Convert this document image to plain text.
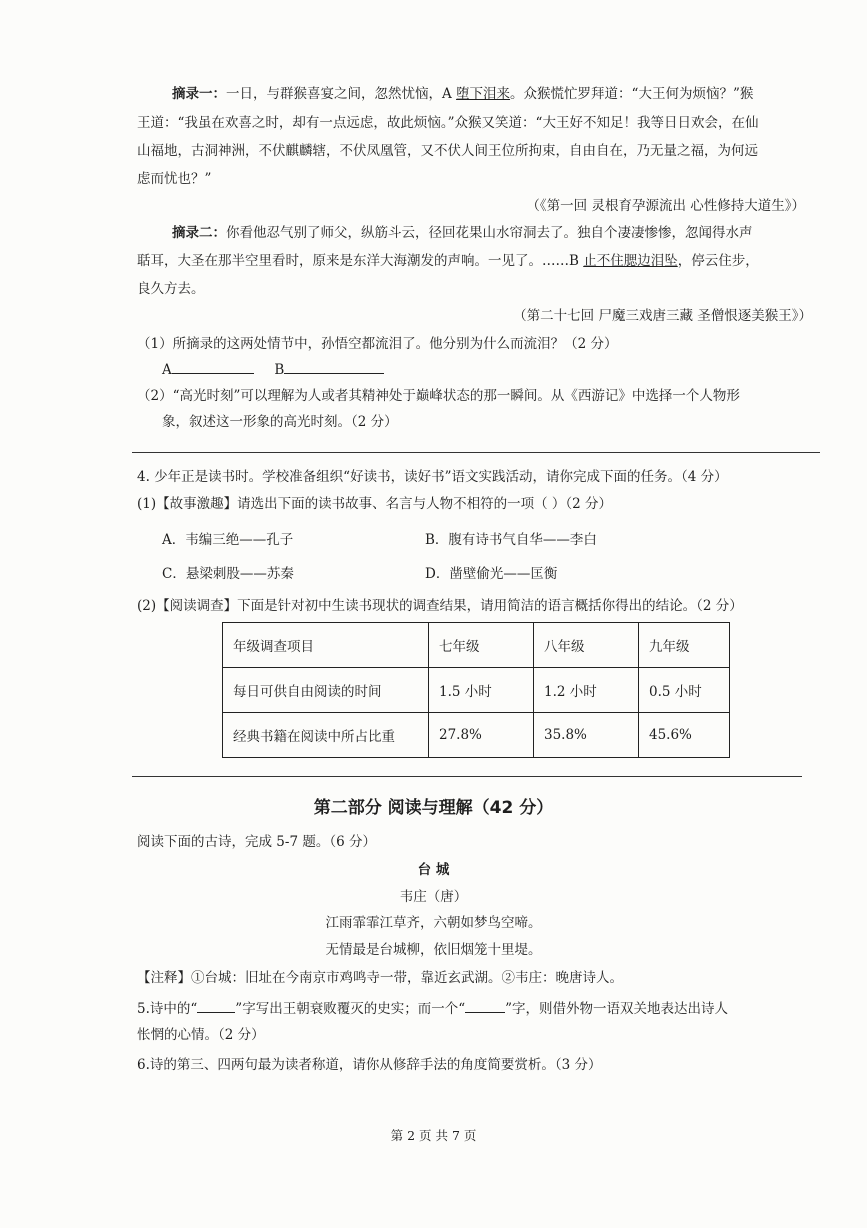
摘录一：一日，与群猴喜宴之间，忽然忧恼，A 堕下泪来。众猴慌忙罗拜道：“大王何为烦恼？”猴
王道：“我虽在欢喜之时，却有一点远虑，故此烦恼。”众猴又笑道：“大王好不知足！我等日日欢会，在仙
山福地，古洞神洲，不伏麒麟辖，不伏凤凰管，又不伏人间王位所拘束，自由自在，乃无量之福，为何远
虑而忧也？”
（《第一回 灵根育孕源流出 心性修持大道生》）
摘录二：你看他忍气别了师父，纵筋斗云，径回花果山水帘洞去了。独自个凄凄惨惨，忽闻得水声
聒耳，大圣在那半空里看时，原来是东洋大海潮发的声响。一见了。……B 止不住腮边泪坠，停云住步，
良久方去。
（第二十七回 尸魔三戏唐三藏 圣僧恨逐美猴王》）
（1）所摘录的这两处情节中，孙悟空都流泪了。他分别为什么而流泪？（2 分）
A	B
（2）“高光时刻”可以理解为人或者其精神处于巅峰状态的那一瞬间。从《西游记》中选择一个人物形
象，叙述这一形象的高光时刻。（2 分）
4. 少年正是读书时。学校准备组织“好读书，读好书”语文实践活动，请你完成下面的任务。（4 分）
(1)【故事激趣】请选出下面的读书故事、名言与人物不相符的一项（ ）（2 分）
A．韦编三绝——孔子	B．腹有诗书气自华——李白
C．悬梁刺股——苏秦	D．凿壁偷光——匡衡
(2)【阅读调查】下面是针对初中生读书现状的调查结果，请用简洁的语言概括你得出的结论。（2 分）
年级调查项目	七年级	八年级	九年级
每日可供自由阅读的时间	1.5 小时	1.2 小时	0.5 小时
经典书籍在阅读中所占比重	27.8%	35.8%	45.6%
第二部分 阅读与理解（42 分）
阅读下面的古诗，完成 5-7 题。（6 分）
台 城
韦庄（唐）
江雨霏霏江草齐，六朝如梦鸟空啼。
无情最是台城柳，依旧烟笼十里堤。
【注释】①台城：旧址在今南京市鸡鸣寺一带，靠近玄武湖。②韦庄：晚唐诗人。
5.诗中的“	”字写出王朝衰败覆灭的史实；而一个“	”字，则借外物一语双关地表达出诗人
怅惘的心情。（2 分）
6.诗的第三、四两句最为读者称道，请你从修辞手法的角度简要赏析。（3 分）
第 2 页 共 7 页
